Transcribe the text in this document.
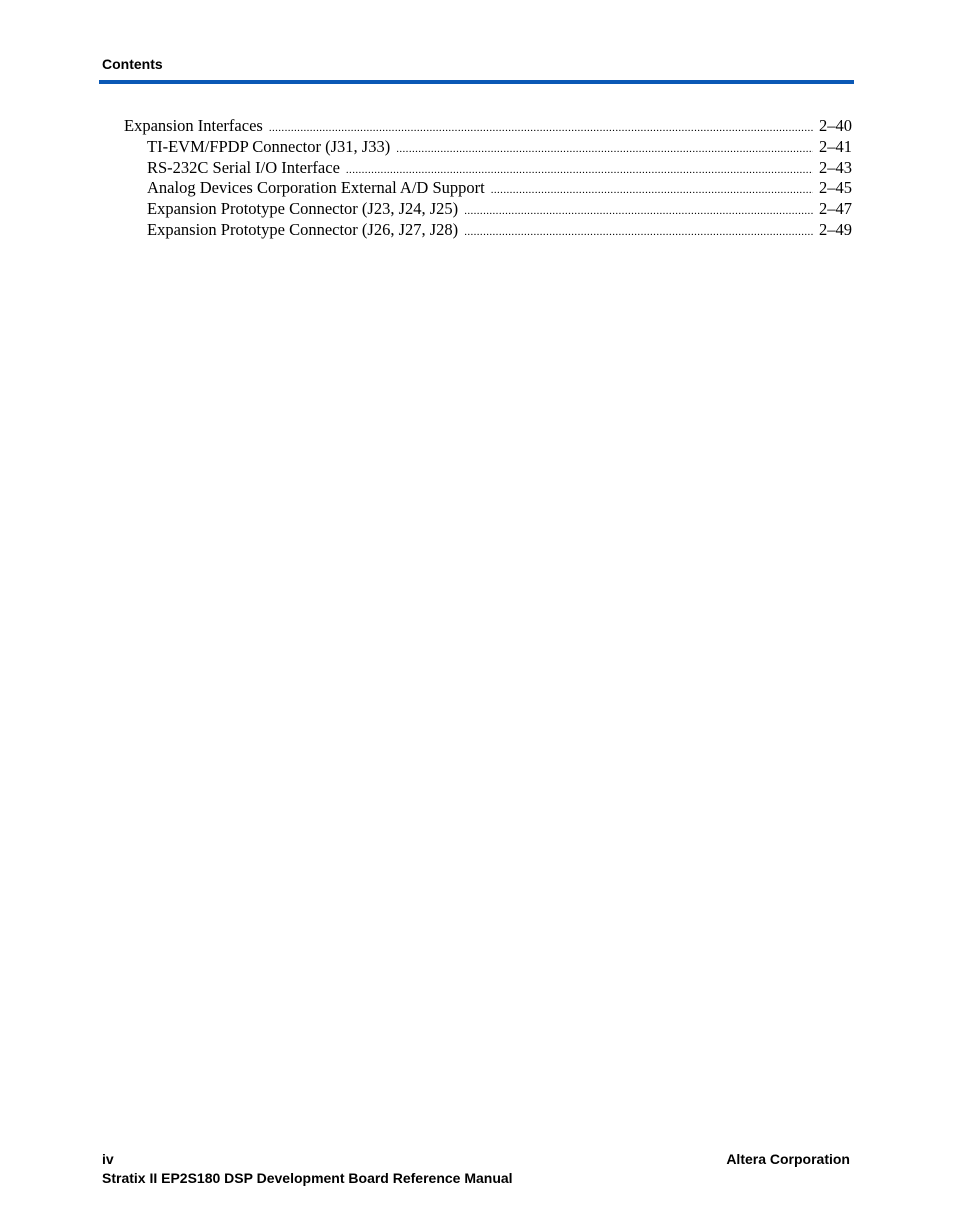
Contents
Expansion Interfaces .....	2–40
TI-EVM/FPDP Connector (J31, J33) .....	2–41
RS-232C Serial I/O Interface .....	2–43
Analog Devices Corporation External A/D Support .....	2–45
Expansion Prototype Connector (J23, J24, J25) .....	2–47
Expansion Prototype Connector (J26, J27, J28) .....	2–49
iv
Stratix II EP2S180 DSP Development Board Reference Manual
Altera Corporation
